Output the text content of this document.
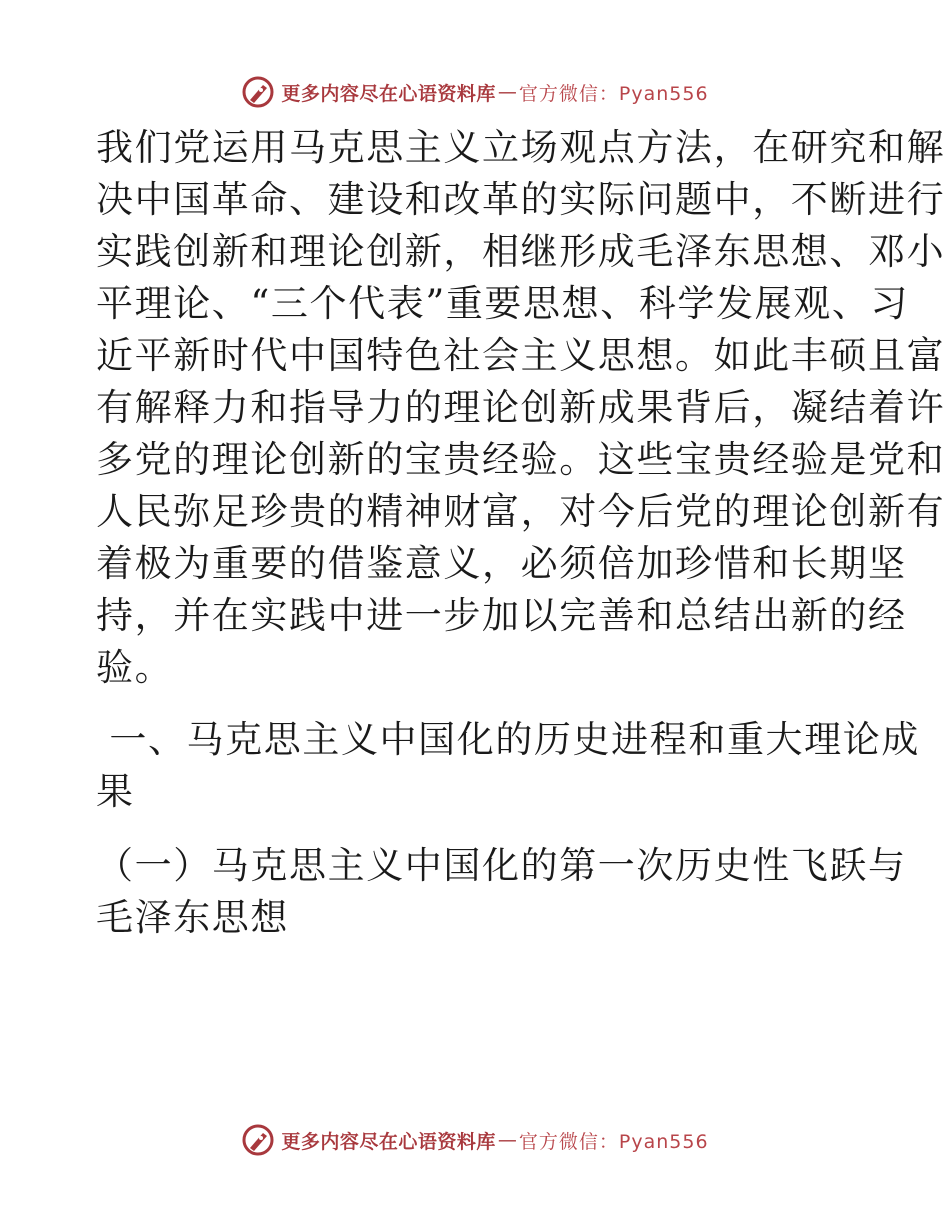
更多内容尽在心语资料库 — 官方微信：Pyan556
我们党运用马克思主义立场观点方法，在研究和解
决中国革命、建设和改革的实际问题中，不断进行
实践创新和理论创新，相继形成毛泽东思想、邓小
平理论、“三个代表”重要思想、科学发展观、习
近平新时代中国特色社会主义思想。如此丰硕且富
有解释力和指导力的理论创新成果背后，凝结着许
多党的理论创新的宝贵经验。这些宝贵经验是党和
人民弥足珍贵的精神财富，对今后党的理论创新有
着极为重要的借鉴意义，必须倍加珍惜和长期坚
持，并在实践中进一步加以完善和总结出新的经
验。
一、马克思主义中国化的历史进程和重大理论成
果
（一）马克思主义中国化的第一次历史性飞跃与
毛泽东思想
更多内容尽在心语资料库 — 官方微信：Pyan556
